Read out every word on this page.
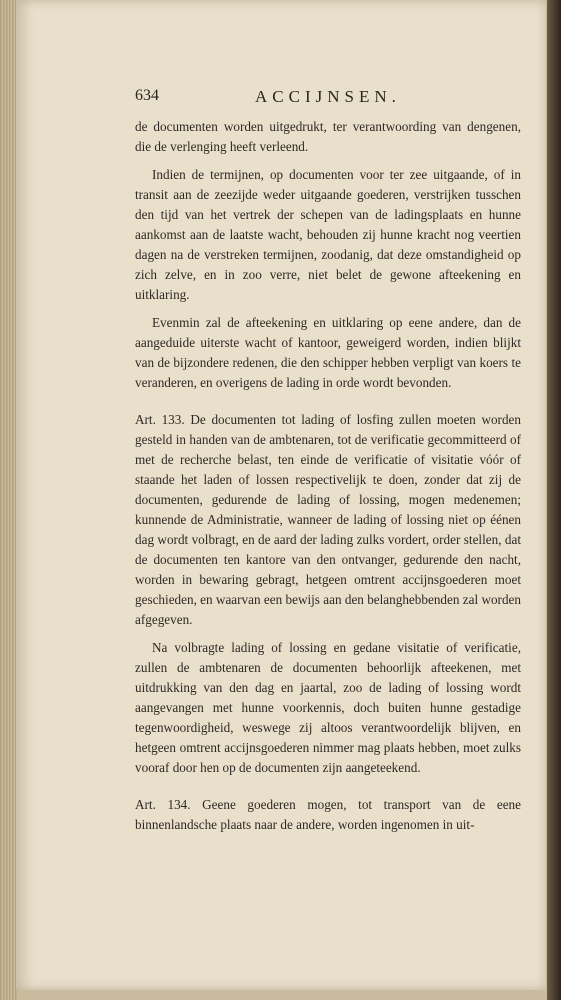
634	ACCIJNSEN.

de documenten worden uitgedrukt, ter verantwoording van dengenen, die de verlenging heeft verleend.

Indien de termijnen, op documenten voor ter zee uitgaande, of in transit aan de zeezijde weder uitgaande goederen, verstrijken tusschen den tijd van het vertrek der schepen van de ladingsplaats en hunne aankomst aan de laatste wacht, behouden zij hunne kracht nog veertien dagen na de verstreken termijnen, zoodanig, dat deze omstandigheid op zich zelve, en in zoo verre, niet belet de gewone afteekening en uitklaring.

Evenmin zal de afteekening en uitklaring op eene andere, dan de aangeduide uiterste wacht of kantoor, geweigerd worden, indien blijkt van de bijzondere redenen, die den schipper hebben verpligt van koers te veranderen, en overigens de lading in orde wordt bevonden.

Art. 133. De documenten tot lading of losfing zullen moeten worden gesteld in handen van de ambtenaren, tot de verificatie gecommitteerd of met de recherche belast, ten einde de verificatie of visitatie vóór of staande het laden of lossen respectivelijk te doen, zonder dat zij de documenten, gedurende de lading of lossing, mogen medenemen; kunnende de Administratie, wanneer de lading of lossing niet op éénen dag wordt volbragt, en de aard der lading zulks vordert, order stellen, dat de documenten ten kantore van den ontvanger, gedurende den nacht, worden in bewaring gebragt, hetgeen omtrent accijnsgoederen moet geschieden, en waarvan een bewijs aan den belanghebbenden zal worden afgegeven.

Na volbragte lading of lossing en gedane visitatie of verificatie, zullen de ambtenaren de documenten behoorlijk afteekenen, met uitdrukking van den dag en jaartal, zoo de lading of lossing wordt aangevangen met hunne voorkennis, doch buiten hunne gestadige tegenwoordigheid, weswege zij altoos verantwoordelijk blijven, en hetgeen omtrent accijnsgoederen nimmer mag plaats hebben, moet zulks vooraf door hen op de documenten zijn aangeteekend.

Art. 134. Geene goederen mogen, tot transport van de eene binnenlandsche plaats naar de andere, worden ingenomen in uit-
